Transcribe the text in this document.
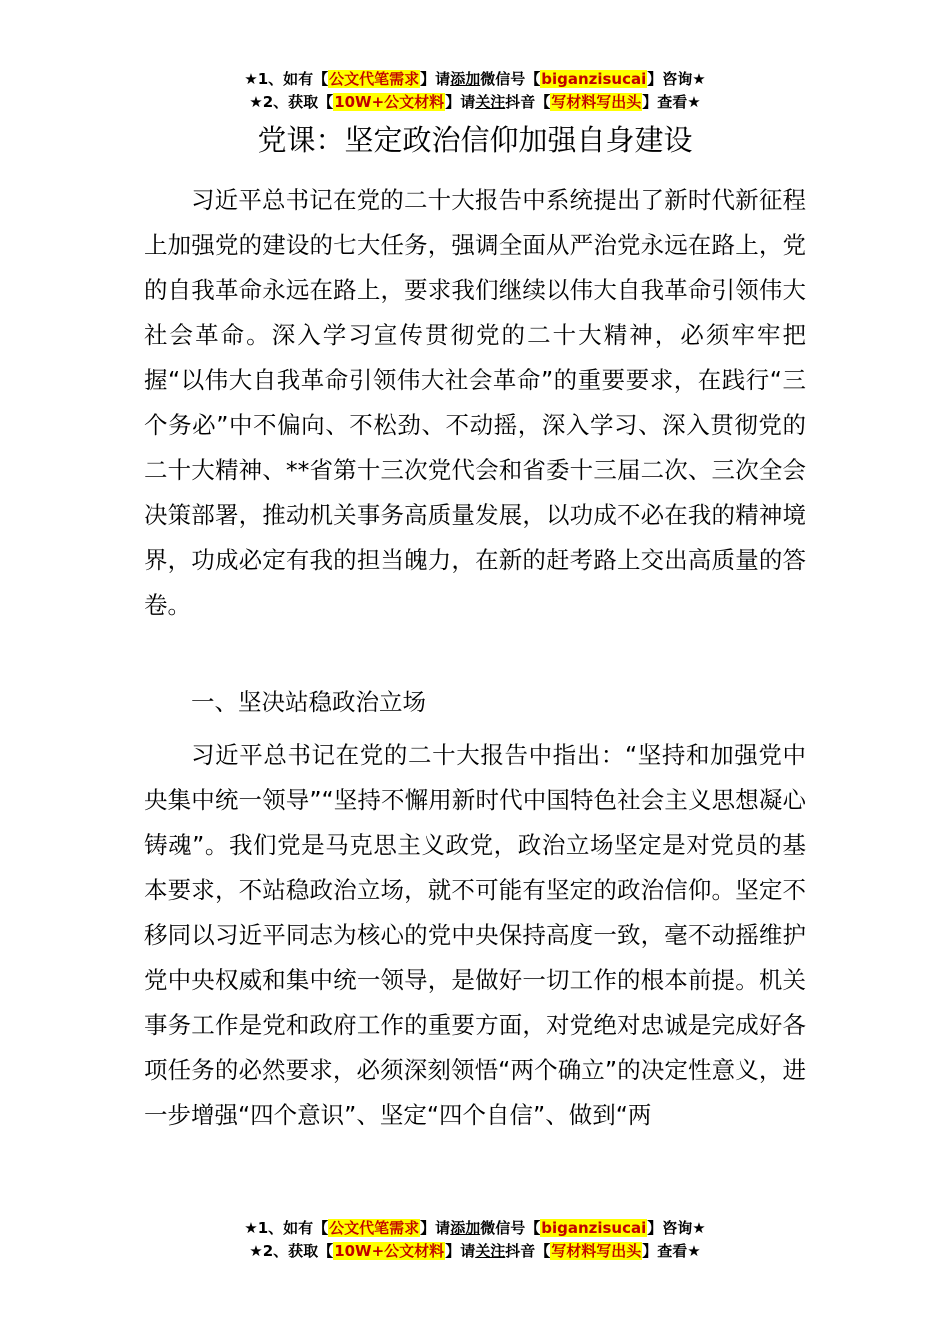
★1、如有【公文代笔需求】请添加微信号【biganzisucai】咨询★
★2、获取【10W+公文材料】请关注抖音【写材料写出头】查看★
党课：坚定政治信仰加强自身建设

习近平总书记在党的二十大报告中系统提出了新时代新征程上加强党的建设的七大任务，强调全面从严治党永远在路上，党的自我革命永远在路上，要求我们继续以伟大自我革命引领伟大社会革命。深入学习宣传贯彻党的二十大精神，必须牢牢把握“以伟大自我革命引领伟大社会革命”的重要要求，在践行“三个务必”中不偏向、不松劲、不动摇，深入学习、深入贯彻党的二十大精神、**省第十三次党代会和省委十三届二次、三次全会决策部署，推动机关事务高质量发展，以功成不必在我的精神境界，功成必定有我的担当魄力，在新的赶考路上交出高质量的答卷。

一、坚决站稳政治立场

习近平总书记在党的二十大报告中指出：“坚持和加强党中央集中统一领导”“坚持不懈用新时代中国特色社会主义思想凝心铸魂”。我们党是马克思主义政党，政治立场坚定是对党员的基本要求，不站稳政治立场，就不可能有坚定的政治信仰。坚定不移同以习近平同志为核心的党中央保持高度一致，毫不动摇维护党中央权威和集中统一领导，是做好一切工作的根本前提。机关事务工作是党和政府工作的重要方面，对党绝对忠诚是完成好各项任务的必然要求，必须深刻领悟“两个确立”的决定性意义，进一步增强“四个意识”、坚定“四个自信”、做到“两

★1、如有【公文代笔需求】请添加微信号【biganzisucai】咨询★
★2、获取【10W+公文材料】请关注抖音【写材料写出头】查看★
